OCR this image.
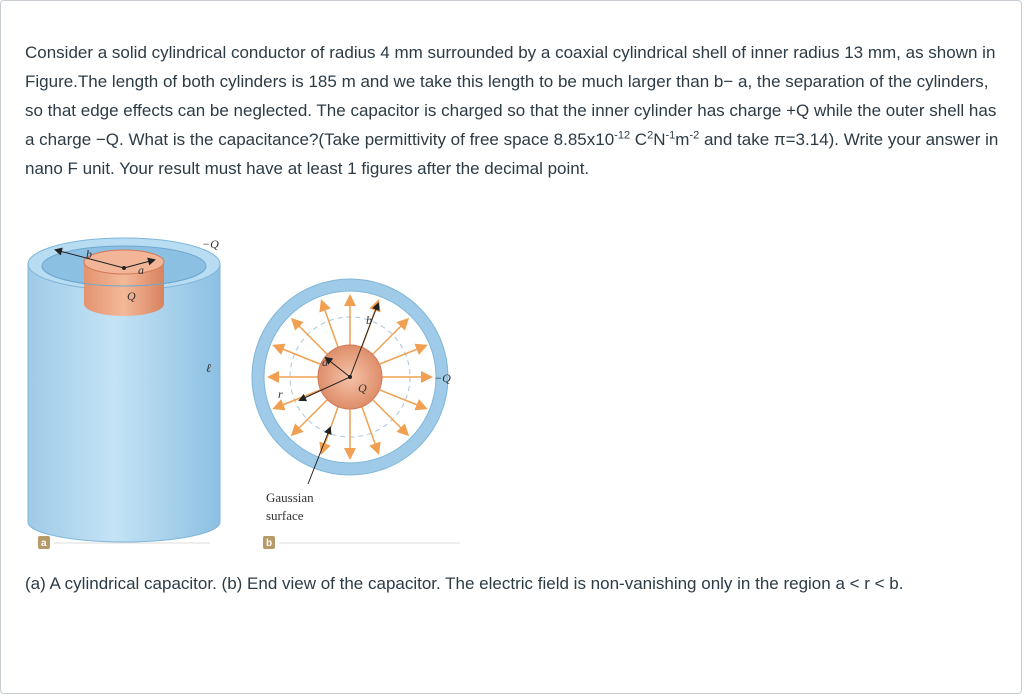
Consider a solid cylindrical conductor of radius 4 mm surrounded by a coaxial cylindrical shell of inner radius 13 mm, as shown in Figure.The length of both cylinders is 185 m and we take this length to be much larger than b− a, the separation of the cylinders, so that edge effects can be neglected. The capacitor is charged so that the inner cylinder has charge +Q while the outer shell has a charge −Q. What is the capacitance?(Take permittivity of free space $8.85x10^{-12}$ $C^2N^{-1}m^{-2}$ and take π=3.14). Write your answer in nano F unit. Your result must have at least 1 figures after the decimal point.

b
a
Q
−Q
ℓ
b
a
Q
−Q
r
Gaussian
surface
a	b

(a) A cylindrical capacitor. (b) End view of the capacitor. The electric field is non-vanishing only in the region a < r < b.
